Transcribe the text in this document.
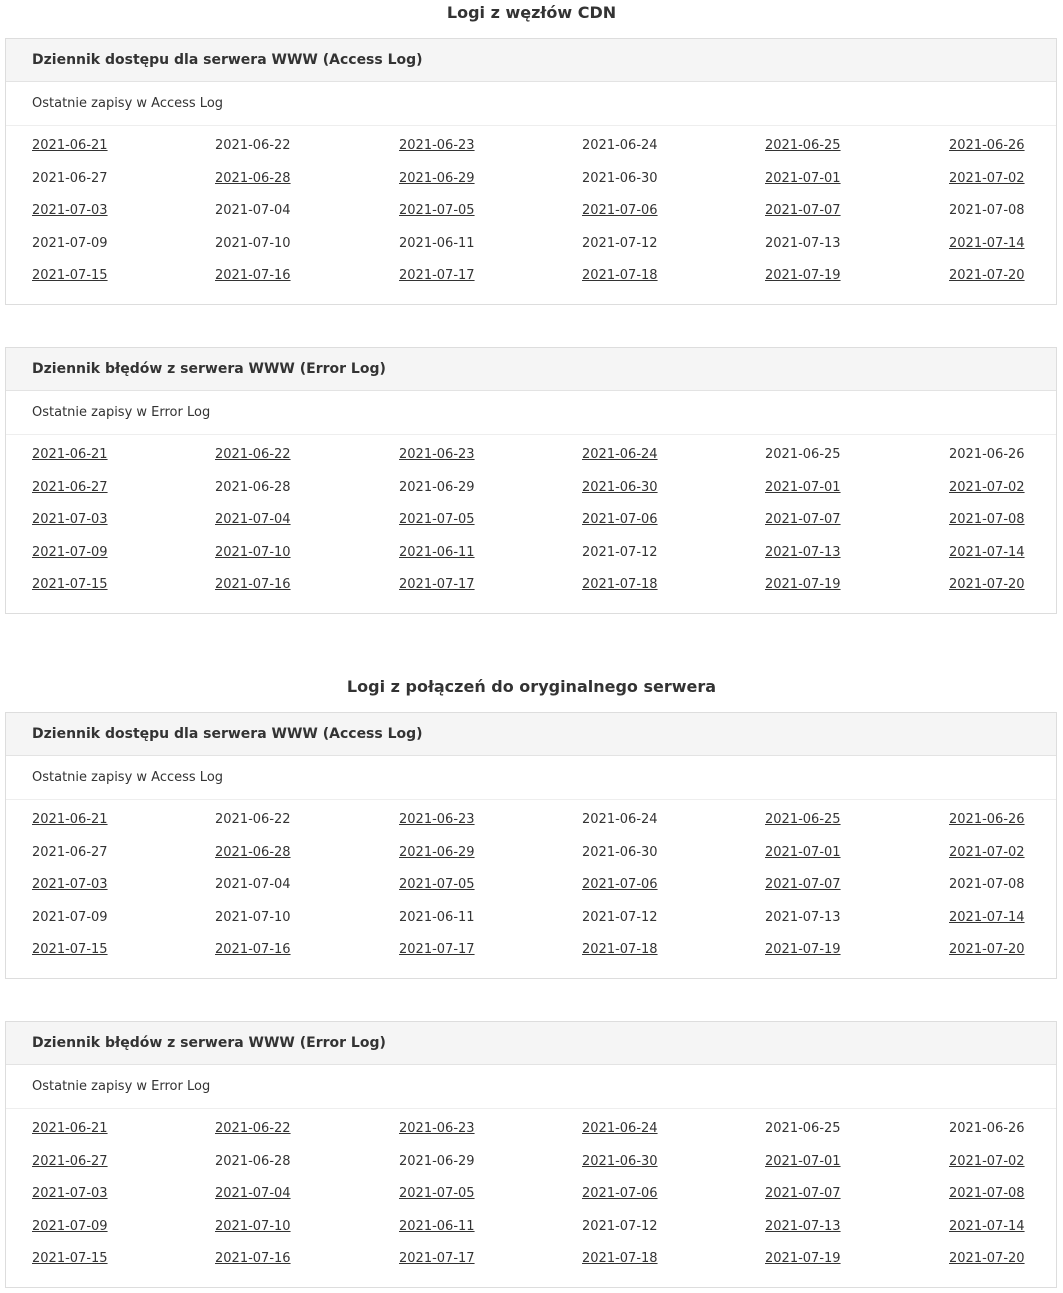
Logi z węzłów CDN
Dziennik dostępu dla serwera WWW (Access Log)
Ostatnie zapisy w Access Log
2021-06-21	2021-06-22	2021-06-23	2021-06-24	2021-06-25	2021-06-26
2021-06-27	2021-06-28	2021-06-29	2021-06-30	2021-07-01	2021-07-02
2021-07-03	2021-07-04	2021-07-05	2021-07-06	2021-07-07	2021-07-08
2021-07-09	2021-07-10	2021-06-11	2021-07-12	2021-07-13	2021-07-14
2021-07-15	2021-07-16	2021-07-17	2021-07-18	2021-07-19	2021-07-20
Dziennik błędów z serwera WWW (Error Log)
Ostatnie zapisy w Error Log
2021-06-21	2021-06-22	2021-06-23	2021-06-24	2021-06-25	2021-06-26
2021-06-27	2021-06-28	2021-06-29	2021-06-30	2021-07-01	2021-07-02
2021-07-03	2021-07-04	2021-07-05	2021-07-06	2021-07-07	2021-07-08
2021-07-09	2021-07-10	2021-06-11	2021-07-12	2021-07-13	2021-07-14
2021-07-15	2021-07-16	2021-07-17	2021-07-18	2021-07-19	2021-07-20
Logi z połączeń do oryginalnego serwera
Dziennik dostępu dla serwera WWW (Access Log)
Ostatnie zapisy w Access Log
2021-06-21	2021-06-22	2021-06-23	2021-06-24	2021-06-25	2021-06-26
2021-06-27	2021-06-28	2021-06-29	2021-06-30	2021-07-01	2021-07-02
2021-07-03	2021-07-04	2021-07-05	2021-07-06	2021-07-07	2021-07-08
2021-07-09	2021-07-10	2021-06-11	2021-07-12	2021-07-13	2021-07-14
2021-07-15	2021-07-16	2021-07-17	2021-07-18	2021-07-19	2021-07-20
Dziennik błędów z serwera WWW (Error Log)
Ostatnie zapisy w Error Log
2021-06-21	2021-06-22	2021-06-23	2021-06-24	2021-06-25	2021-06-26
2021-06-27	2021-06-28	2021-06-29	2021-06-30	2021-07-01	2021-07-02
2021-07-03	2021-07-04	2021-07-05	2021-07-06	2021-07-07	2021-07-08
2021-07-09	2021-07-10	2021-06-11	2021-07-12	2021-07-13	2021-07-14
2021-07-15	2021-07-16	2021-07-17	2021-07-18	2021-07-19	2021-07-20
